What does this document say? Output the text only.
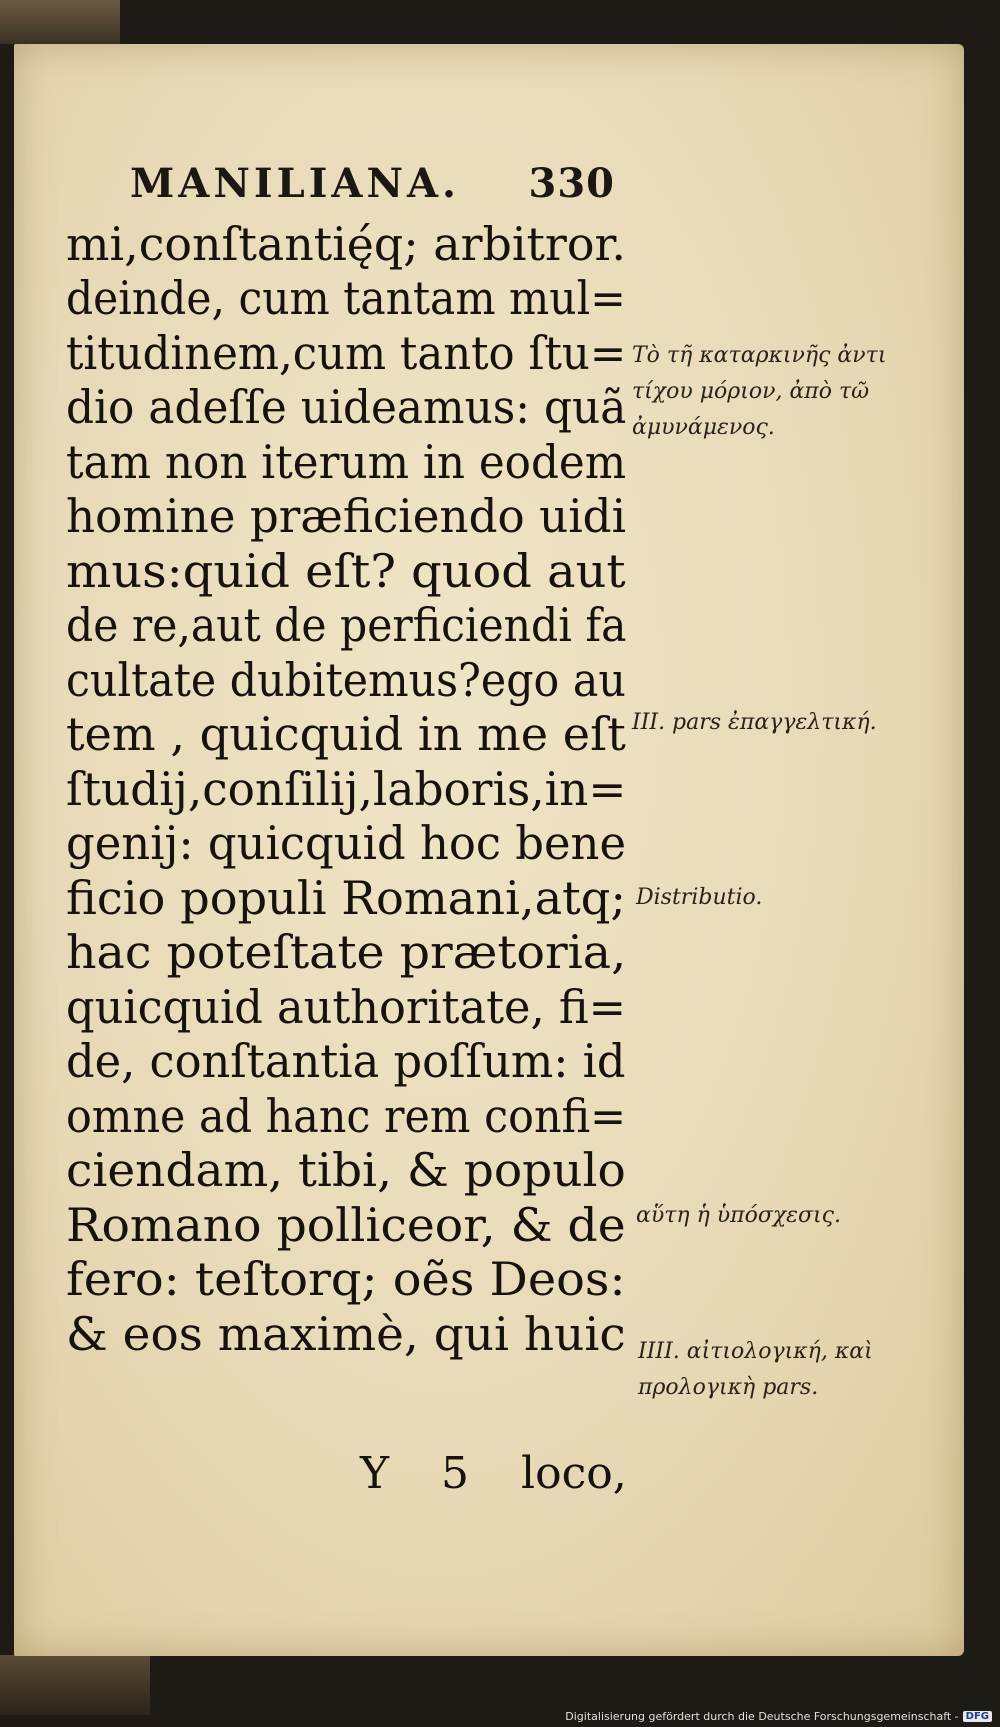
MANILIANA. 330
mi,conſtantię́q; arbitror.
deinde, cum tantam mul=
titudinem,cum tanto ſtu=
dio adeſſe uideamus: quã
tam non iterum in eodem
homine præficiendo uidi
mus:quid eſt? quod aut
de re,aut de perficiendi fa
cultate dubitemus?ego au
tem , quicquid in me eſt
ſtudij,conſilij,laboris,in=
genij: quicquid hoc bene
ficio populi Romani,atq;
hac poteſtate prætoria,
quicquid authoritate, fi=
de, conſtantia poſſum: id
omne ad hanc rem confi=
ciendam, tibi, & populo
Romano polliceor, & de
fero: teſtorq; oẽs Deos:
& eos maximè, qui huic
Y 5 loco,
Τὸ τῆ καταρκινῆς ἀντι
τίχου μόριον, ἀπὸ τῶ
ἀμυνάμενος.
III. pars ἐπαγγελτική.
Distributio.
αὕτη ἡ ὑπόσχεσις.
IIII. αἰτιολογική, καὶ
προλογικὴ pars.
Digitalisierung gefördert durch die Deutsche Forschungsgemeinschaft - DFG
